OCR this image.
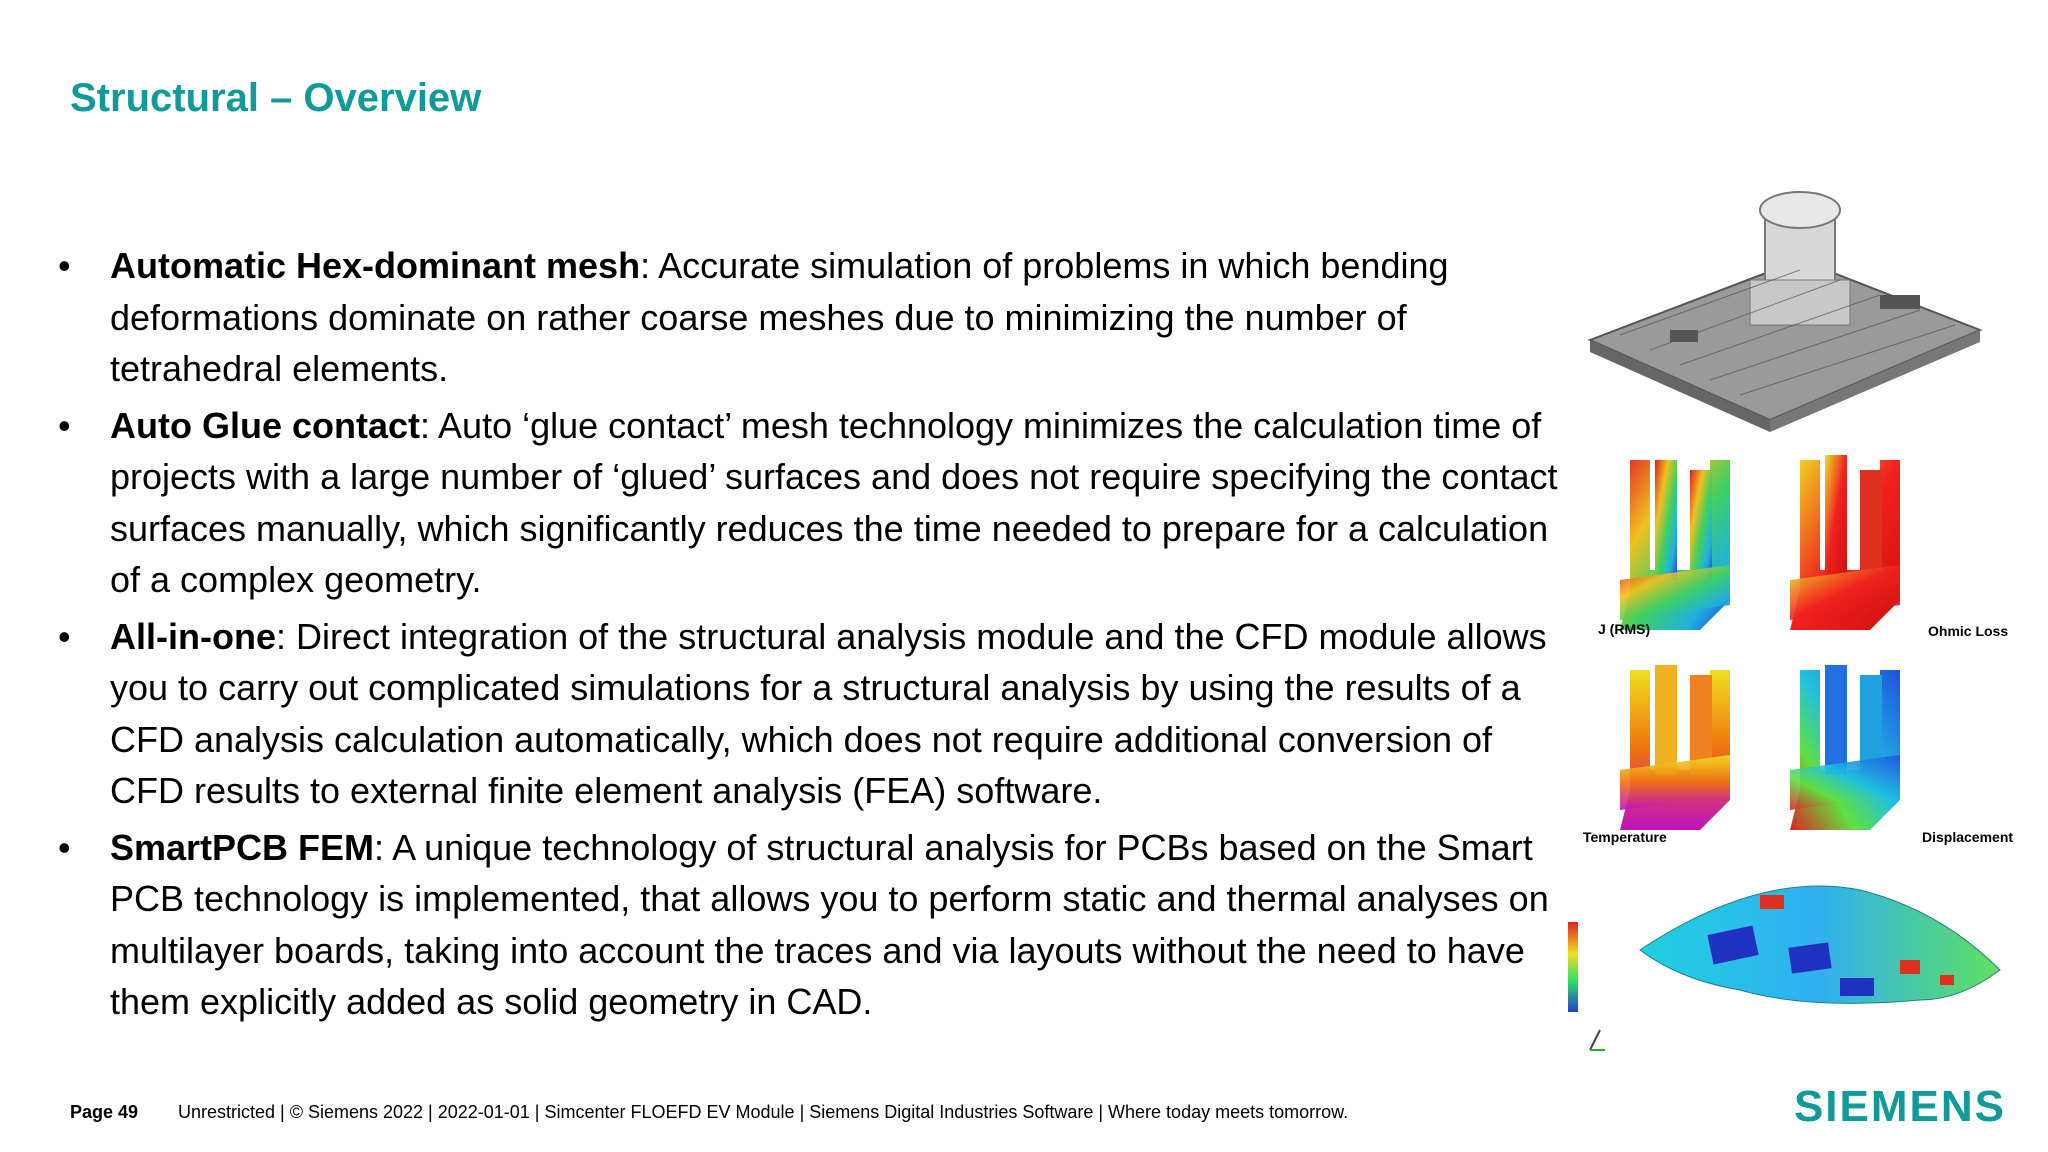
Structural – Overview
• Automatic Hex-dominant mesh: Accurate simulation of problems in which bending deformations dominate on rather coarse meshes due to minimizing the number of tetrahedral elements.
• Auto Glue contact: Auto ‘glue contact’ mesh technology minimizes the calculation time of projects with a large number of ‘glued’ surfaces and does not require specifying the contact surfaces manually, which significantly reduces the time needed to prepare for a calculation of a complex geometry.
• All-in-one: Direct integration of the structural analysis module and the CFD module allows you to carry out complicated simulations for a structural analysis by using the results of a CFD analysis calculation automatically, which does not require additional conversion of CFD results to external finite element analysis (FEA) software.
• SmartPCB FEM: A unique technology of structural analysis for PCBs based on the Smart PCB technology is implemented, that allows you to perform static and thermal analyses on multilayer boards, taking into account the traces and via layouts without the need to have them explicitly added as solid geometry in CAD.
J (RMS)	Ohmic Loss
Temperature	Displacement
Page 49 Unrestricted | © Siemens 2022 | 2022-01-01 | Simcenter FLOEFD EV Module | Siemens Digital Industries Software | Where today meets tomorrow.	SIEMENS
